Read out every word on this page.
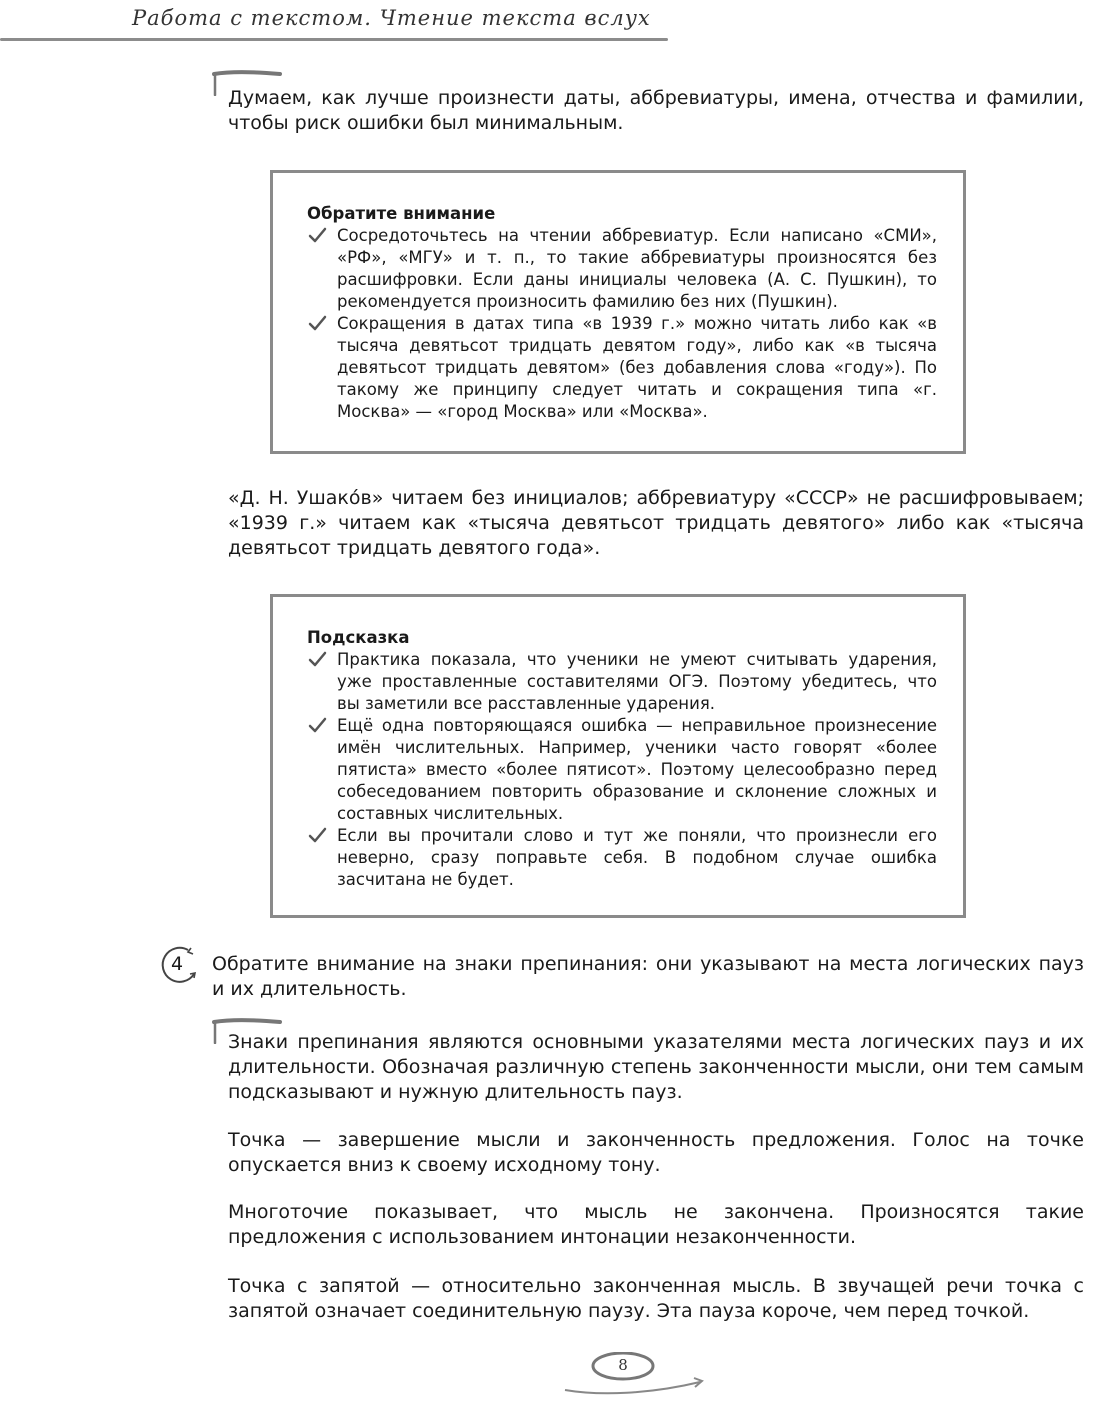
Работа с текстом. Чтение текста вслух

Думаем, как лучше произнести даты, аббревиатуры, имена, отчества и фамилии, чтобы риск ошибки был минимальным.

Обратите внимание
Сосредоточьтесь на чтении аббревиатур. Если написано «СМИ», «РФ», «МГУ» и т. п., то такие аббревиатуры произносятся без расшифровки. Если даны инициалы человека (А. С. Пушкин), то рекомендуется произносить фамилию без них (Пушкин).
Сокращения в датах типа «в 1939 г.» можно читать либо как «в тысяча девятьсот тридцать девятом году», либо как «в тысяча девятьсот тридцать девятом» (без добавления слова «году»). По такому же принципу следует читать и сокращения типа «г. Москва» — «город Москва» или «Москва».

«Д. Н. Ушакóв» читаем без инициалов; аббревиатуру «СССР» не расшифровываем; «1939 г.» читаем как «тысяча девятьсот тридцать девятого» либо как «тысяча девятьсот тридцать девятого года».

Подсказка
Практика показала, что ученики не умеют считывать ударения, уже проставленные составителями ОГЭ. Поэтому убедитесь, что вы заметили все расставленные ударения.
Ещё одна повторяющаяся ошибка — неправильное произнесение имён числительных. Например, ученики часто говорят «более пятиста» вместо «более пятисот». Поэтому целесообразно перед собеседованием повторить образование и склонение сложных и составных числительных.
Если вы прочитали слово и тут же поняли, что произнесли его неверно, сразу поправьте себя. В подобном случае ошибка засчитана не будет.
4	Обратите внимание на знаки препинания: они указывают на места логических пауз и их длительность.

Знаки препинания являются основными указателями места логических пауз и их длительности. Обозначая различную степень законченности мысли, они тем самым подсказывают и нужную длительность пауз.

Точка — завершение мысли и законченность предложения. Голос на точке опускается вниз к своему исходному тону.

Многоточие показывает, что мысль не закончена. Произносятся такие предложения с использованием интонации незаконченности.

Точка с запятой — относительно законченная мысль. В звучащей речи точка с запятой означает соединительную паузу. Эта пауза короче, чем перед точкой.

8
